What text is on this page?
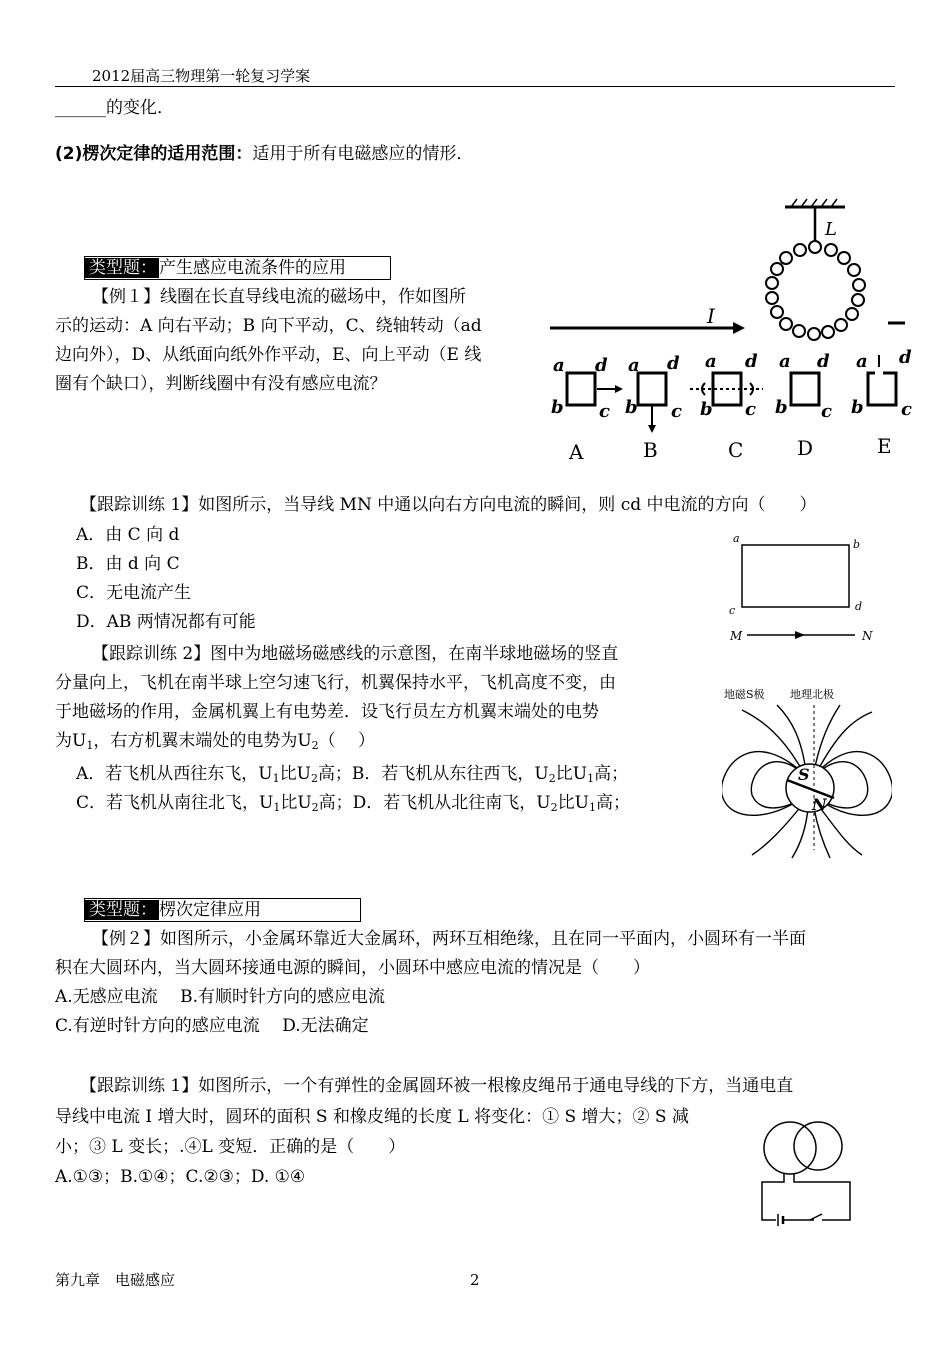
2012届高三物理第一轮复习学案
______的变化．
(2)楞次定律的适用范围：适用于所有电磁感应的情形．
类型题： 产生感应电流条件的应用
【例１】线圈在长直导线电流的磁场中，作如图所
示的运动：A 向右平动；B 向下平动，C、绕轴转动（ad
边向外），D、从纸面向纸外作平动，E、向上平动（E 线
圈有个缺口），判断线圈中有没有感应电流？
L
I
a d
b c
A
a d
b c
B
a d
b c
C
a d
b c
D
a d
b c
E
【跟踪训练 1】如图所示，当导线 MN 中通以向右方向电流的瞬间，则 cd 中电流的方向（　　）
A．由 C 向 d
B．由 d 向 C
C．无电流产生
D．AB 两情况都有可能
a	b
c	d
M	N
【跟踪训练 2】图中为地磁场磁感线的示意图，在南半球地磁场的竖直
分量向上，飞机在南半球上空匀速飞行，机翼保持水平，飞机高度不变，由
于地磁场的作用，金属机翼上有电势差．设飞行员左方机翼末端处的电势
为$U_1$，右方机翼末端处的电势为$U_2$（　 ）
A．若飞机从西往东飞，$U_1$比$U_2$高；B．若飞机从东往西飞，$U_2$比$U_1$高；
C．若飞机从南往北飞，$U_1$比$U_2$高；D．若飞机从北往南飞，$U_2$比$U_1$高；
地磁S极 地理北极
S
N
类型题： 楞次定律应用
【例２】如图所示，小金属环靠近大金属环，两环互相绝缘，且在同一平面内，小圆环有一半面
积在大圆环内，当大圆环接通电源的瞬间，小圆环中感应电流的情况是（　　）
A.无感应电流　 B.有顺时针方向的感应电流
C.有逆时针方向的感应电流　 D.无法确定
【跟踪训练 1】如图所示，一个有弹性的金属圆环被一根橡皮绳吊于通电导线的下方，当通电直
导线中电流 I 增大时，圆环的面积 S 和橡皮绳的长度 L 将变化：① S 增大；② S 减
小；③ L 变长；.④L 变短．正确的是（　　）
A.①③；B.①④；C.②③；D. ①④
第九章　电磁感应	2
